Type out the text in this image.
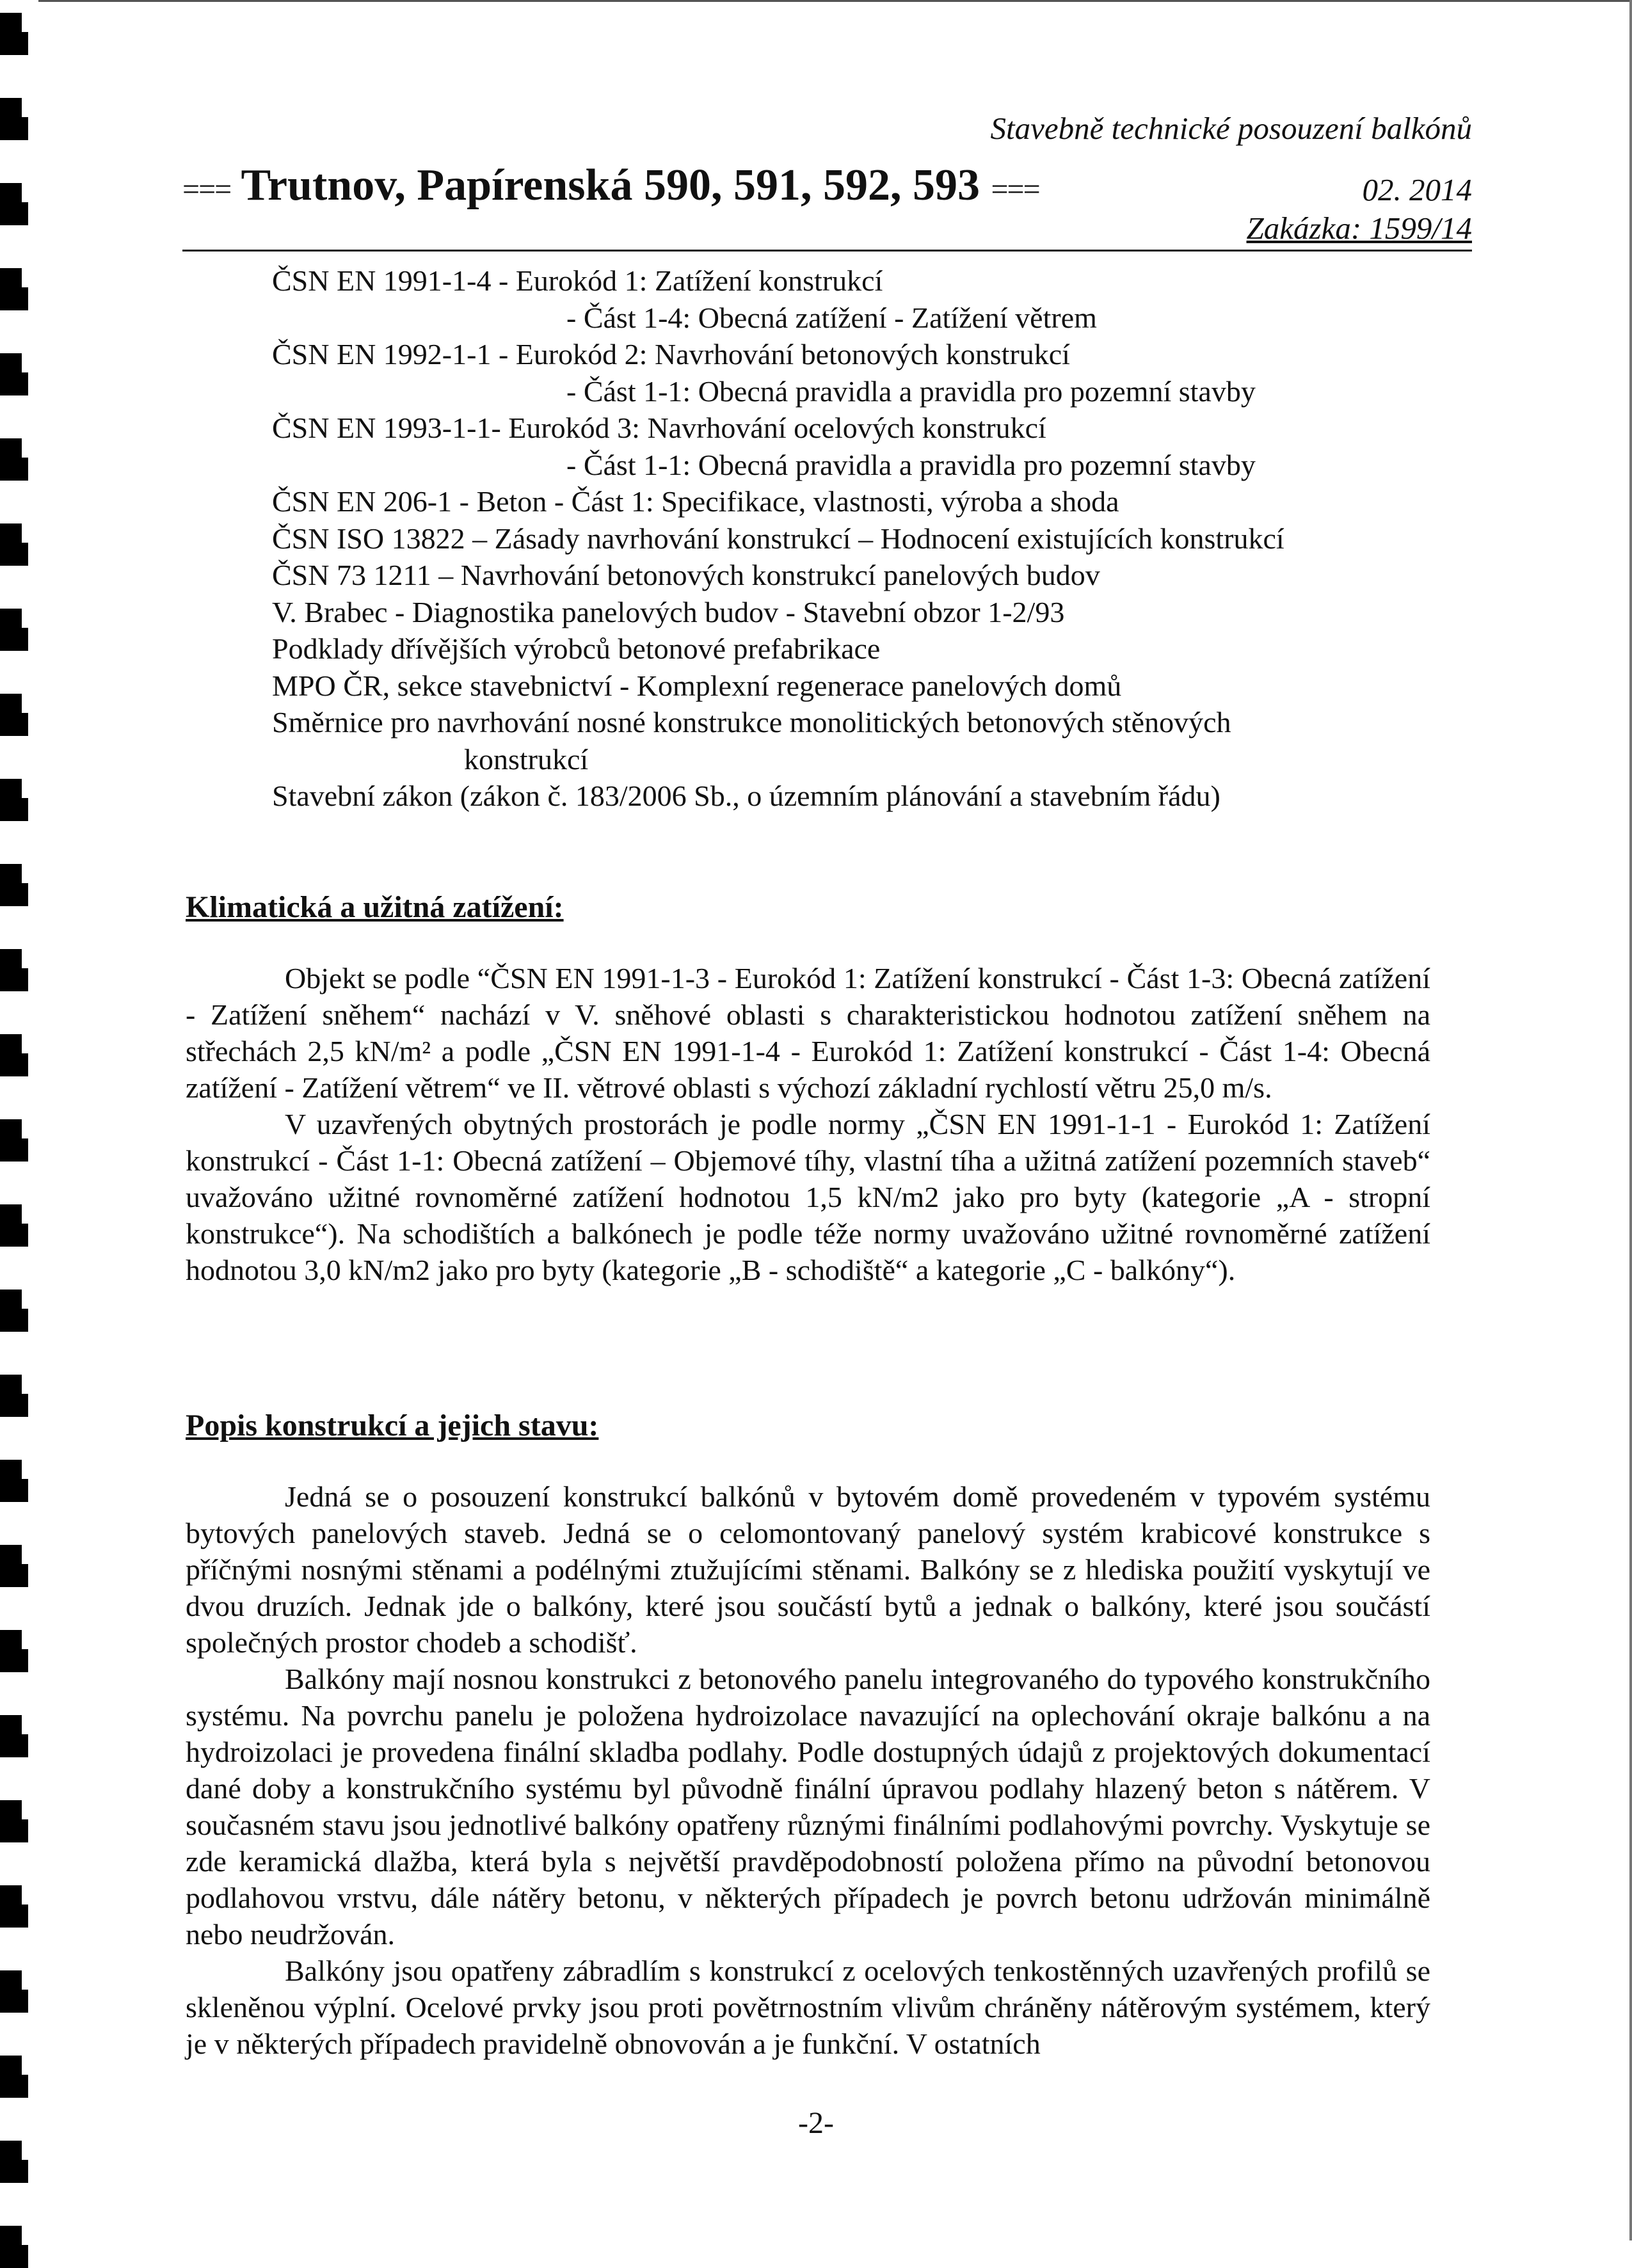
Stavebně technické posouzení balkónů
=== Trutnov, Papírenská 590, 591, 592, 593 ===	02. 2014
Zakázka: 1599/14
ČSN EN 1991-1-4 - Eurokód 1: Zatížení konstrukcí
- Část 1-4: Obecná zatížení - Zatížení větrem
ČSN EN 1992-1-1 - Eurokód 2: Navrhování betonových konstrukcí
- Část 1-1: Obecná pravidla a pravidla pro pozemní stavby
ČSN EN 1993-1-1- Eurokód 3: Navrhování ocelových konstrukcí
- Část 1-1: Obecná pravidla a pravidla pro pozemní stavby
ČSN EN 206-1 - Beton - Část 1: Specifikace, vlastnosti, výroba a shoda
ČSN ISO 13822 – Zásady navrhování konstrukcí – Hodnocení existujících konstrukcí
ČSN 73 1211 – Navrhování betonových konstrukcí panelových budov
V. Brabec - Diagnostika panelových budov - Stavební obzor 1-2/93
Podklady dřívějších výrobců betonové prefabrikace
MPO ČR, sekce stavebnictví - Komplexní regenerace panelových domů
Směrnice pro navrhování nosné konstrukce monolitických betonových stěnových
konstrukcí
Stavební zákon (zákon č. 183/2006 Sb., o územním plánování a stavebním řádu)
Klimatická a užitná zatížení:

Objekt se podle “ČSN EN 1991-1-3 - Eurokód 1: Zatížení konstrukcí - Část 1-3: Obecná zatížení - Zatížení sněhem“ nachází v V. sněhové oblasti s charakteristickou hodnotou zatížení sněhem na střechách 2,5 kN/m² a podle „ČSN EN 1991-1-4 - Eurokód 1: Zatížení konstrukcí - Část 1-4: Obecná zatížení - Zatížení větrem“ ve II. větrové oblasti s výchozí základní rychlostí větru 25,0 m/s.

V uzavřených obytných prostorách je podle normy „ČSN EN 1991-1-1 - Eurokód 1: Zatížení konstrukcí - Část 1-1: Obecná zatížení – Objemové tíhy, vlastní tíha a užitná zatížení pozemních staveb“ uvažováno užitné rovnoměrné zatížení hodnotou 1,5 kN/m2 jako pro byty (kategorie „A - stropní konstrukce“). Na schodištích a balkónech je podle téže normy uvažováno užitné rovnoměrné zatížení hodnotou 3,0 kN/m2 jako pro byty (kategorie „B - schodiště“ a kategorie „C - balkóny“).

Popis konstrukcí a jejich stavu:

Jedná se o posouzení konstrukcí balkónů v bytovém domě provedeném v typovém systému bytových panelových staveb. Jedná se o celomontovaný panelový systém krabicové konstrukce s příčnými nosnými stěnami a podélnými ztužujícími stěnami. Balkóny se z hlediska použití vyskytují ve dvou druzích. Jednak jde o balkóny, které jsou součástí bytů a jednak o balkóny, které jsou součástí společných prostor chodeb a schodišť.

Balkóny mají nosnou konstrukci z betonového panelu integrovaného do typového konstrukčního systému. Na povrchu panelu je položena hydroizolace navazující na oplechování okraje balkónu a na hydroizolaci je provedena finální skladba podlahy. Podle dostupných údajů z projektových dokumentací dané doby a konstrukčního systému byl původně finální úpravou podlahy hlazený beton s nátěrem. V současném stavu jsou jednotlivé balkóny opatřeny různými finálními podlahovými povrchy. Vyskytuje se zde keramická dlažba, která byla s největší pravděpodobností položena přímo na původní betonovou podlahovou vrstvu, dále nátěry betonu, v některých případech je povrch betonu udržován minimálně nebo neudržován.

Balkóny jsou opatřeny zábradlím s konstrukcí z ocelových tenkostěnných uzavřených profilů se skleněnou výplní. Ocelové prvky jsou proti povětrnostním vlivům chráněny nátěrovým systémem, který je v některých případech pravidelně obnovován a je funkční. V ostatních

-2-
